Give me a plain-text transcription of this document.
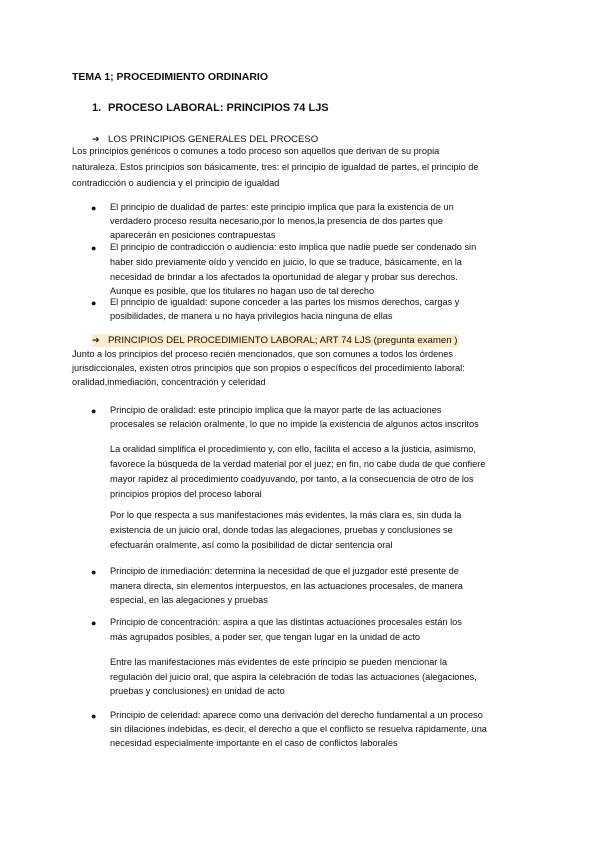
TEMA 1; PROCEDIMIENTO ORDINARIO
1. PROCESO LABORAL: PRINCIPIOS 74 LJS
➔ LOS PRINCIPIOS GENERALES DEL PROCESO
Los principios genéricos o comunes a todo proceso son aquellos que derivan de su propia
naturaleza. Estos principios son básicamente, tres: el principio de igualdad de partes, el principio de
contradicción o audiencia y el principio de igualdad
● El principio de dualidad de partes: este principio implica que para la existencia de un
verdadero proceso resulta necesario,por lo menos,la presencia de dos partes que
aparecerán en posiciones contrapuestas
● El principio de contradicción o audiencia: esto implica que nadie puede ser condenado sin
haber sido previamente oído y vencido en juicio, lo que se traduce, básicamente, en la
necesidad de brindar a los afectados la oportunidad de alegar y probar sus derechos.
Aunque es posible, que los titulares no hagan uso de tal derecho
● El principio de igualdad: supone conceder a las partes los mismos derechos, cargas y
posibilidades, de manera u no haya privilegios hacia ninguna de ellas
➔ PRINCIPIOS DEL PROCEDIMIENTO LABORAL; ART 74 LJS (pregunta examen )
Junto a los principios del proceso recién mencionados, que son comunes a todos los órdenes
jurisdiccionales, existen otros principios que son propios o específicos del procedimiento laboral:
oralidad,inmediación, concentración y celeridad
● Principio de oralidad: este principio implica que la mayor parte de las actuaciones
procesales se relación oralmente, lo que no impide la existencia de algunos actos inscritos
La oralidad simplifica el procedimiento y, con ello, facilita el acceso a la justicia, asimismo,
favorece la búsqueda de la verdad material por el juez; en fin, no cabe duda de que confiere
mayor rapidez al procedimiento coadyuvando, por tanto, a la consecuencia de otro de los
principios propios del proceso laboral
Por lo que respecta a sus manifestaciones más evidentes, la más clara es, sin duda la
existencia de un juicio oral, donde todas las alegaciones, pruebas y conclusiones se
efectuarán oralmente, así como la posibilidad de dictar sentencia oral
● Principio de inmediación: determina la necesidad de que el juzgador esté presente de
manera directa, sin elementos interpuestos, en las actuaciones procesales, de manera
especial, en las alegaciones y pruebas
● Principio de concentración: aspira a que las distintas actuaciones procesales están los
más agrupados posibles, a poder ser, que tengan lugar en la unidad de acto
Entre las manifestaciones más evidentes de este principio se pueden mencionar la
regulación del juicio oral, que aspira la celebración de todas las actuaciones (alegaciones,
pruebas y conclusiones) en unidad de acto
● Principio de celeridad: aparece como una derivación del derecho fundamental a un proceso
sin dilaciones indebidas, es decir, el derecho a que el conflicto se resuelva rápidamente, una
necesidad especialmente importante en el caso de conflictos laborales
